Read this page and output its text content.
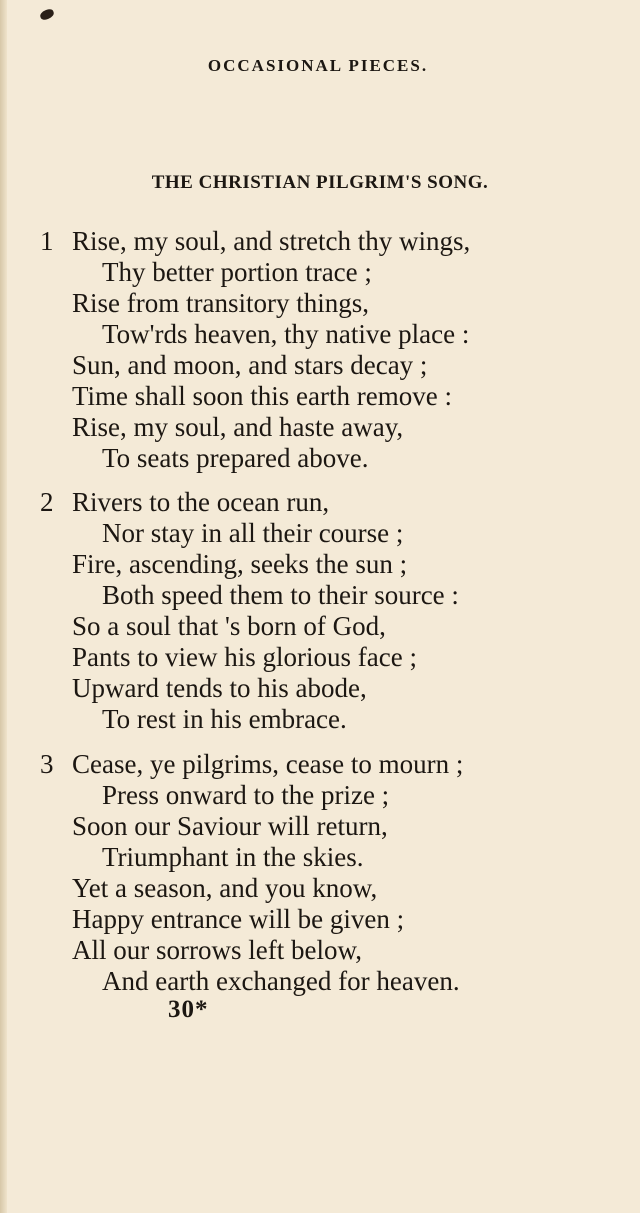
OCCASIONAL PIECES.
THE CHRISTIAN PILGRIM'S SONG.
1 Rise, my soul, and stretch thy wings,
Thy better portion trace ;
Rise from transitory things,
Tow'rds heaven, thy native place :
Sun, and moon, and stars decay ;
Time shall soon this earth remove :
Rise, my soul, and haste away,
To seats prepared above.
2 Rivers to the ocean run,
Nor stay in all their course ;
Fire, ascending, seeks the sun ;
Both speed them to their source :
So a soul that 's born of God,
Pants to view his glorious face ;
Upward tends to his abode,
To rest in his embrace.
3 Cease, ye pilgrims, cease to mourn ;
Press onward to the prize ;
Soon our Saviour will return,
Triumphant in the skies.
Yet a season, and you know,
Happy entrance will be given ;
All our sorrows left below,
And earth exchanged for heaven.
30*
